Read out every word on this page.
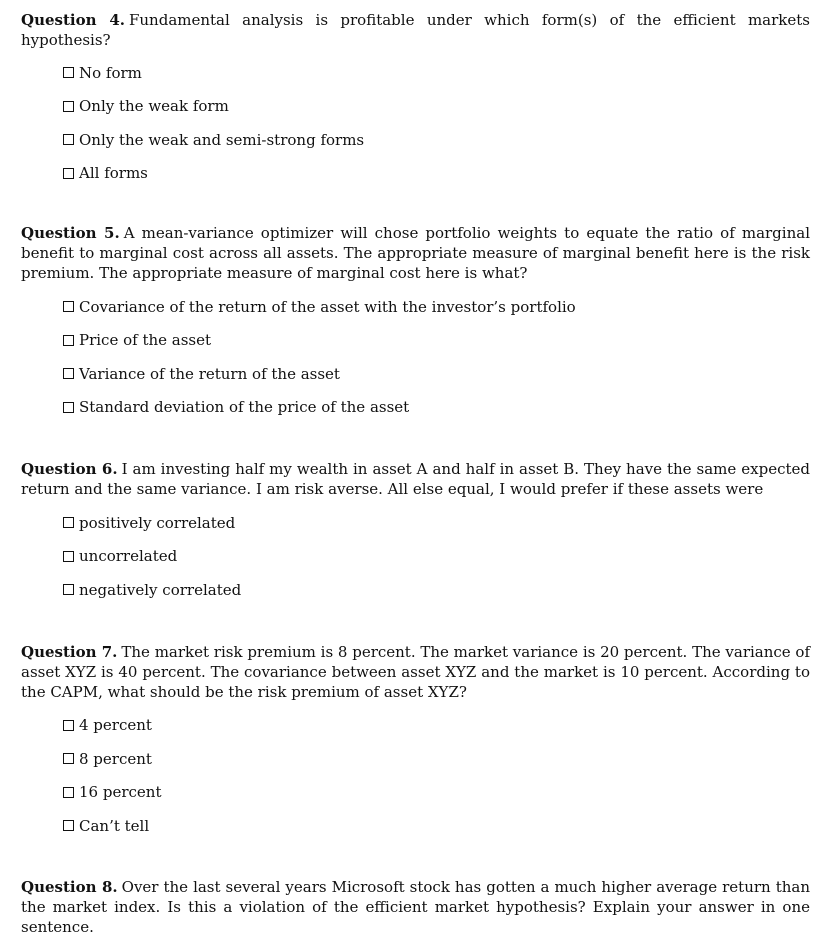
Question 4. Fundamental analysis is profitable under which form(s) of the efficient markets hypothesis?

No form
Only the weak form
Only the weak and semi-strong forms
All forms

Question 5. A mean-variance optimizer will chose portfolio weights to equate the ratio of marginal benefit to marginal cost across all assets. The appropriate measure of marginal benefit here is the risk premium. The appropriate measure of marginal cost here is what?

Covariance of the return of the asset with the investor’s portfolio
Price of the asset
Variance of the return of the asset
Standard deviation of the price of the asset

Question 6. I am investing half my wealth in asset A and half in asset B. They have the same expected return and the same variance. I am risk averse. All else equal, I would prefer if these assets were

positively correlated
uncorrelated
negatively correlated

Question 7. The market risk premium is 8 percent. The market variance is 20 percent. The variance of asset XYZ is 40 percent. The covariance between asset XYZ and the market is 10 percent. According to the CAPM, what should be the risk premium of asset XYZ?

4 percent
8 percent
16 percent
Can’t tell

Question 8. Over the last several years Microsoft stock has gotten a much higher average return than the market index. Is this a violation of the efficient market hypothesis? Explain your answer in one sentence.
